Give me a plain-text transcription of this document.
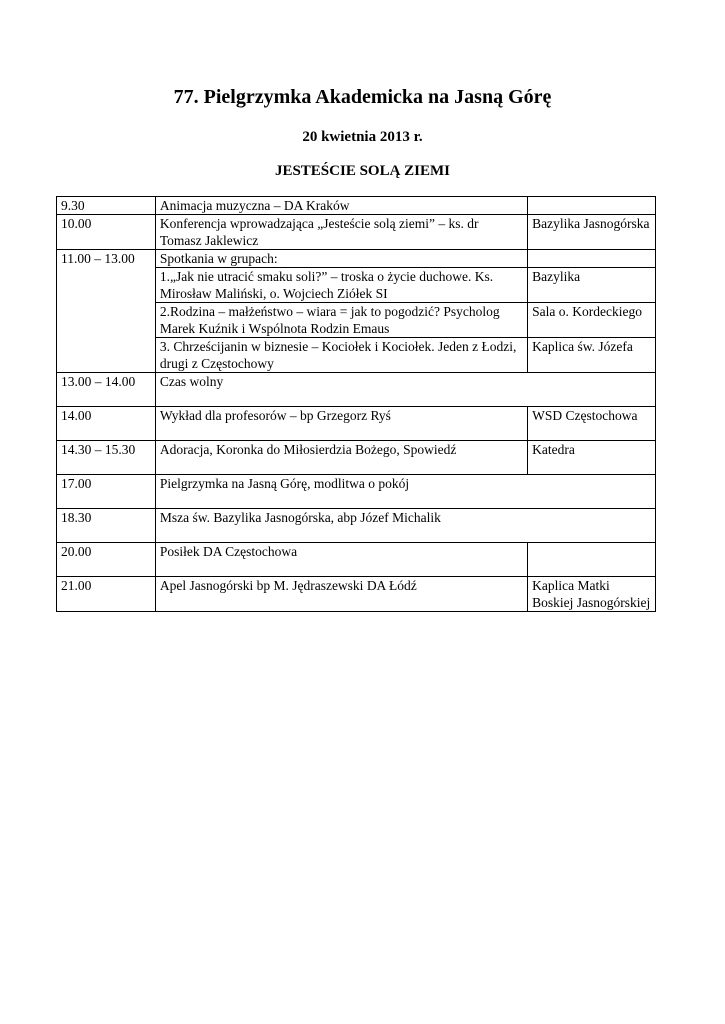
77. Pielgrzymka Akademicka na Jasną Górę
20 kwietnia 2013 r.
JESTEŚCIE SOLĄ ZIEMI
9.30	Animacja muzyczna – DA Kraków	
10.00	Konferencja wprowadzająca „Jesteście solą ziemi” – ks. dr Tomasz Jaklewicz	Bazylika Jasnogórska
11.00 – 13.00	Spotkania w grupach:	
	1.„Jak nie utracić smaku soli?” – troska o życie duchowe. Ks. Mirosław Maliński, o. Wojciech Ziółek SI	Bazylika
	2.Rodzina – małżeństwo – wiara = jak to pogodzić? Psycholog Marek Kuźnik i Wspólnota Rodzin Emaus	Sala o. Kordeckiego
	3. Chrześcijanin w biznesie – Kociołek i Kociołek. Jeden z Łodzi, drugi z Częstochowy	Kaplica św. Józefa
13.00 – 14.00	Czas wolny	
14.00	Wykład dla profesorów – bp Grzegorz Ryś	WSD Częstochowa
14.30 – 15.30	Adoracja, Koronka do Miłosierdzia Bożego, Spowiedź	Katedra
17.00	Pielgrzymka na Jasną Górę, modlitwa o pokój	
18.30	Msza św. Bazylika Jasnogórska, abp Józef Michalik	
20.00	Posiłek DA Częstochowa	
21.00	Apel Jasnogórski bp M. Jędraszewski DA Łódź	Kaplica Matki Boskiej Jasnogórskiej
